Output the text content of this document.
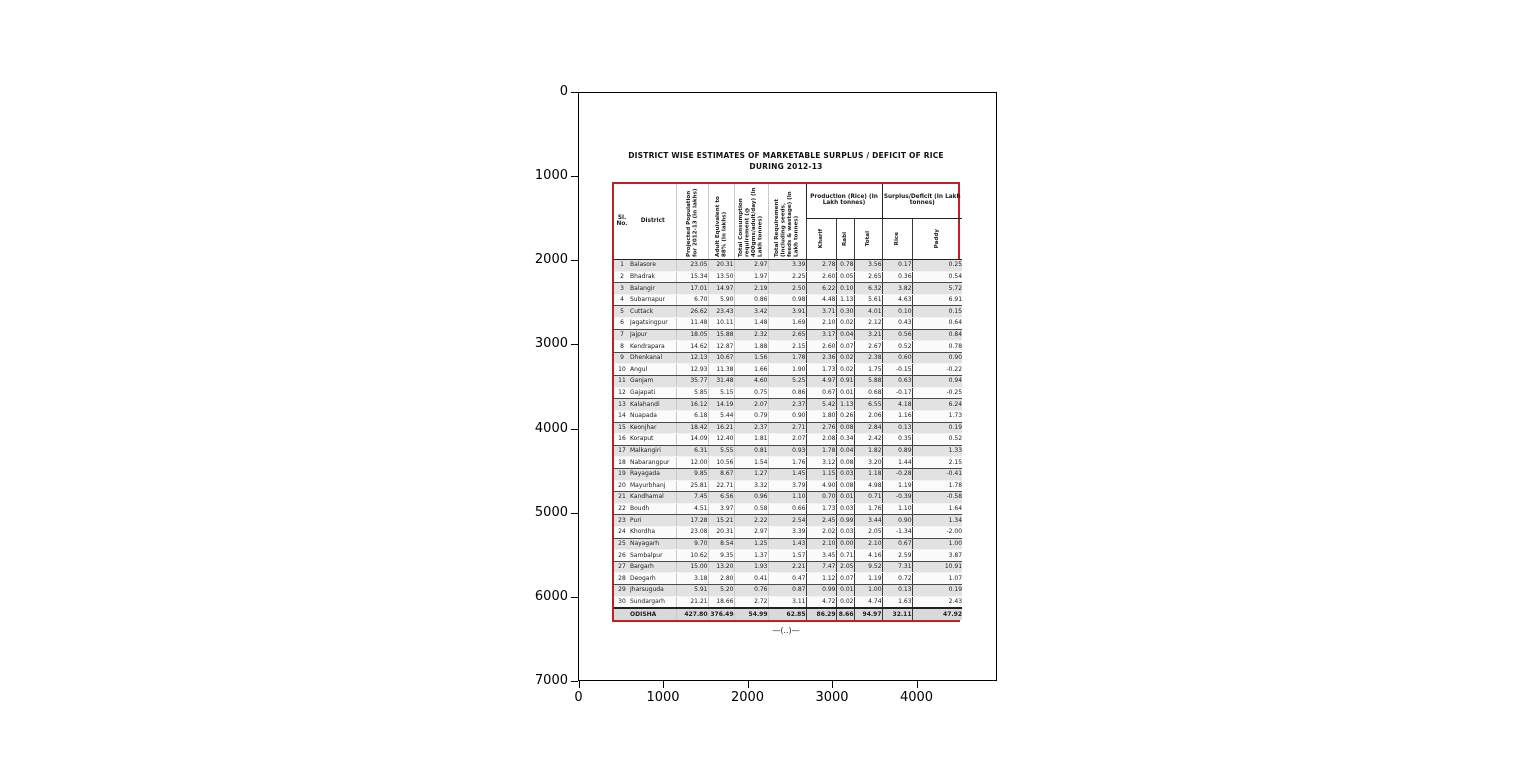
0
1000
2000
3000
4000
5000
6000
7000
0	1000	2000	3000	4000
DISTRICT WISE ESTIMATES OF MARKETABLE SURPLUS / DEFICIT OF RICE
DURING 2012-13
Sl.
No.	District	Projected Population for 2012-13 (In lakhs)	Adult Equivalent to 88% (In lakhs)	Total Consumption requirement (@ 400gms/adult/day) (In Lakh tonnes)	Total Requirement (Including seeds, feeds & wastage) (In Lakh tonnes)	Production (Rice) (In Lakh tonnes)			Surplus/Deficit (In Lakh tonnes)	

						Kharif	Rabi	Total	Rice	Paddy

1	Balasore	23.05	20.31	2.97	3.39	2.78	0.78	3.56	0.17	0.25
2	Bhadrak	15.34	13.50	1.97	2.25	2.60	0.05	2.65	0.36	0.54
3	Balangir	17.01	14.97	2.19	2.50	6.22	0.10	6.32	3.82	5.72
4	Subarnapur	6.70	5.90	0.86	0.98	4.48	1.13	5.61	4.63	6.91
5	Cuttack	26.62	23.43	3.42	3.91	3.71	0.30	4.01	0.10	0.15
6	Jagatsingpur	11.48	10.11	1.48	1.69	2.10	0.02	2.12	0.43	0.64
7	Jajpur	18.05	15.88	2.32	2.65	3.17	0.04	3.21	0.56	0.84
8	Kendrapara	14.62	12.87	1.88	2.15	2.60	0.07	2.67	0.52	0.78
9	Dhenkanal	12.13	10.67	1.56	1.78	2.36	0.02	2.38	0.60	0.90
10	Angul	12.93	11.38	1.66	1.90	1.73	0.02	1.75	-0.15	-0.22
11	Ganjam	35.77	31.48	4.60	5.25	4.97	0.91	5.88	0.63	0.94
12	Gajapati	5.85	5.15	0.75	0.86	0.67	0.01	0.68	-0.17	-0.25
13	Kalahandi	16.12	14.19	2.07	2.37	5.42	1.13	6.55	4.18	6.24
14	Nuapada	6.18	5.44	0.79	0.90	1.80	0.26	2.06	1.16	1.73
15	Keonjhar	18.42	16.21	2.37	2.71	2.76	0.08	2.84	0.13	0.19
16	Koraput	14.09	12.40	1.81	2.07	2.08	0.34	2.42	0.35	0.52
17	Malkangiri	6.31	5.55	0.81	0.93	1.78	0.04	1.82	0.89	1.33
18	Nabarangpur	12.00	10.56	1.54	1.76	3.12	0.08	3.20	1.44	2.15
19	Rayagada	9.85	8.67	1.27	1.45	1.15	0.03	1.18	-0.28	-0.41
20	Mayurbhanj	25.81	22.71	3.32	3.79	4.90	0.08	4.98	1.19	1.78
21	Kandhamal	7.45	6.56	0.96	1.10	0.70	0.01	0.71	-0.39	-0.58
22	Boudh	4.51	3.97	0.58	0.66	1.73	0.03	1.76	1.10	1.64
23	Puri	17.28	15.21	2.22	2.54	2.45	0.99	3.44	0.90	1.34
24	Khordha	23.08	20.31	2.97	3.39	2.02	0.03	2.05	-1.34	-2.00
25	Nayagarh	9.70	8.54	1.25	1.43	2.10	0.00	2.10	0.67	1.00
26	Sambalpur	10.62	9.35	1.37	1.57	3.45	0.71	4.16	2.59	3.87
27	Bargarh	15.00	13.20	1.93	2.21	7.47	2.05	9.52	7.31	10.91
28	Deogarh	3.18	2.80	0.41	0.47	1.12	0.07	1.19	0.72	1.07
29	Jharsuguda	5.91	5.20	0.76	0.87	0.99	0.01	1.00	0.13	0.19
30	Sundargarh	21.21	18.66	2.72	3.11	4.72	0.02	4.74	1.63	2.43
	ODISHA	427.80	376.49	54.99	62.85	86.29	8.66	94.97	32.11	47.92
—(..)—
